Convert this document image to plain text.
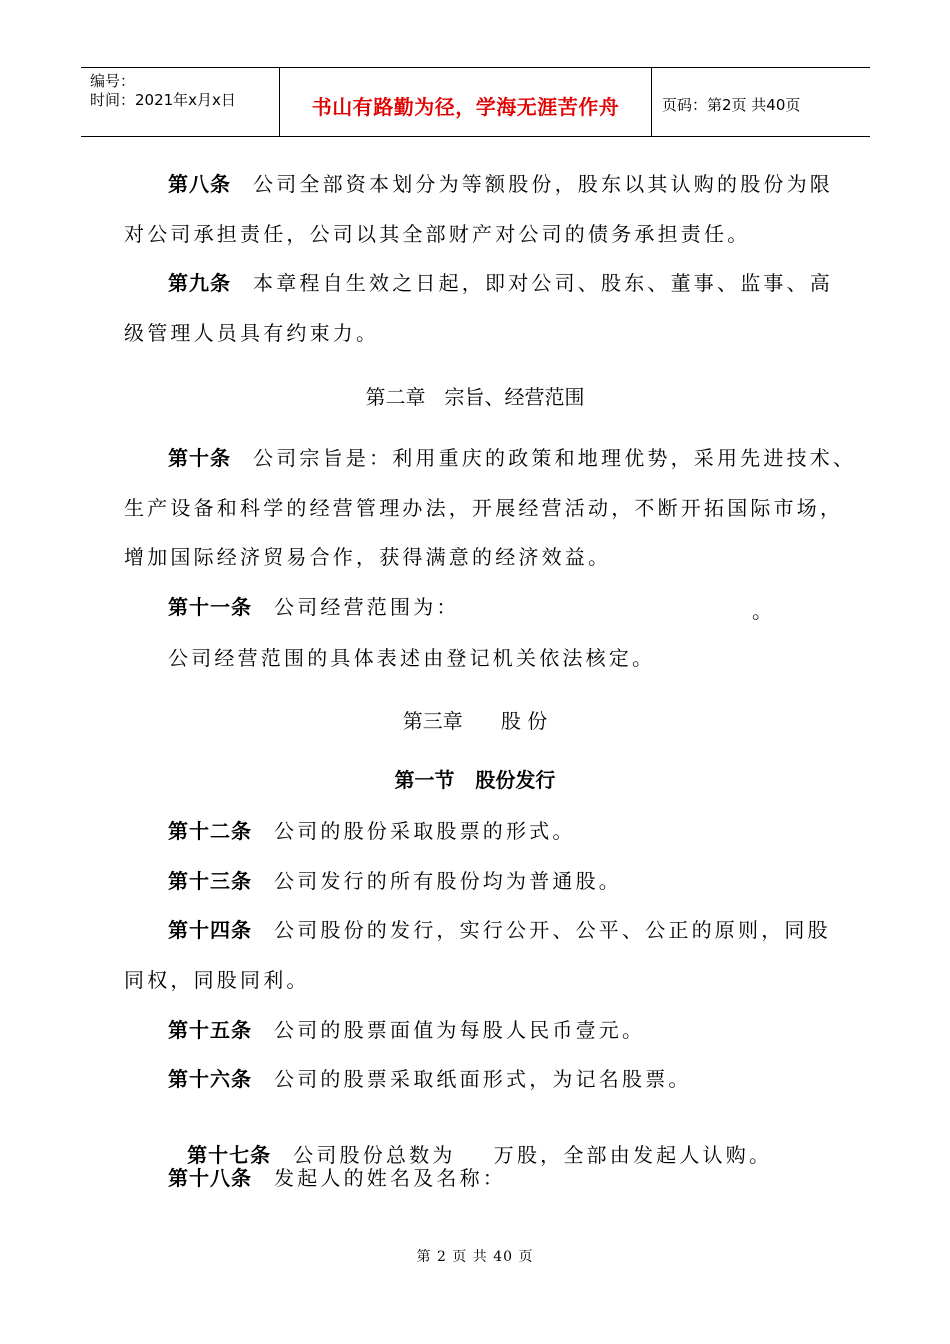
编号：
时间：2021年x月x日	书山有路勤为径，学海无涯苦作舟	页码：第2页 共40页
第八条 公司全部资本划分为等额股份，股东以其认购的股份为限
对公司承担责任，公司以其全部财产对公司的债务承担责任。
第九条 本章程自生效之日起，即对公司、股东、董事、监事、高
级管理人员具有约束力。
第二章   宗旨、经营范围
第十条 公司宗旨是：利用重庆的政策和地理优势，采用先进技术、
生产设备和科学的经营管理办法，开展经营活动，不断开拓国际市场，
增加国际经济贸易合作，获得满意的经济效益。
第十一条 公司经营范围为：	。
公司经营范围的具体表述由登记机关依法核定。
第三章      股 份
第一节   股份发行
第十二条 公司的股份采取股票的形式。
第十三条 公司发行的所有股份均为普通股。
第十四条 公司股份的发行，实行公开、公平、公正的原则，同股
同权，同股同利。
第十五条 公司的股票面值为每股人民币壹元。
第十六条 公司的股票采取纸面形式，为记名股票。

第十七条 公司股份总数为    万股，全部由发起人认购。

第十八条 发起人的姓名及名称：
第 2 页 共 40 页
